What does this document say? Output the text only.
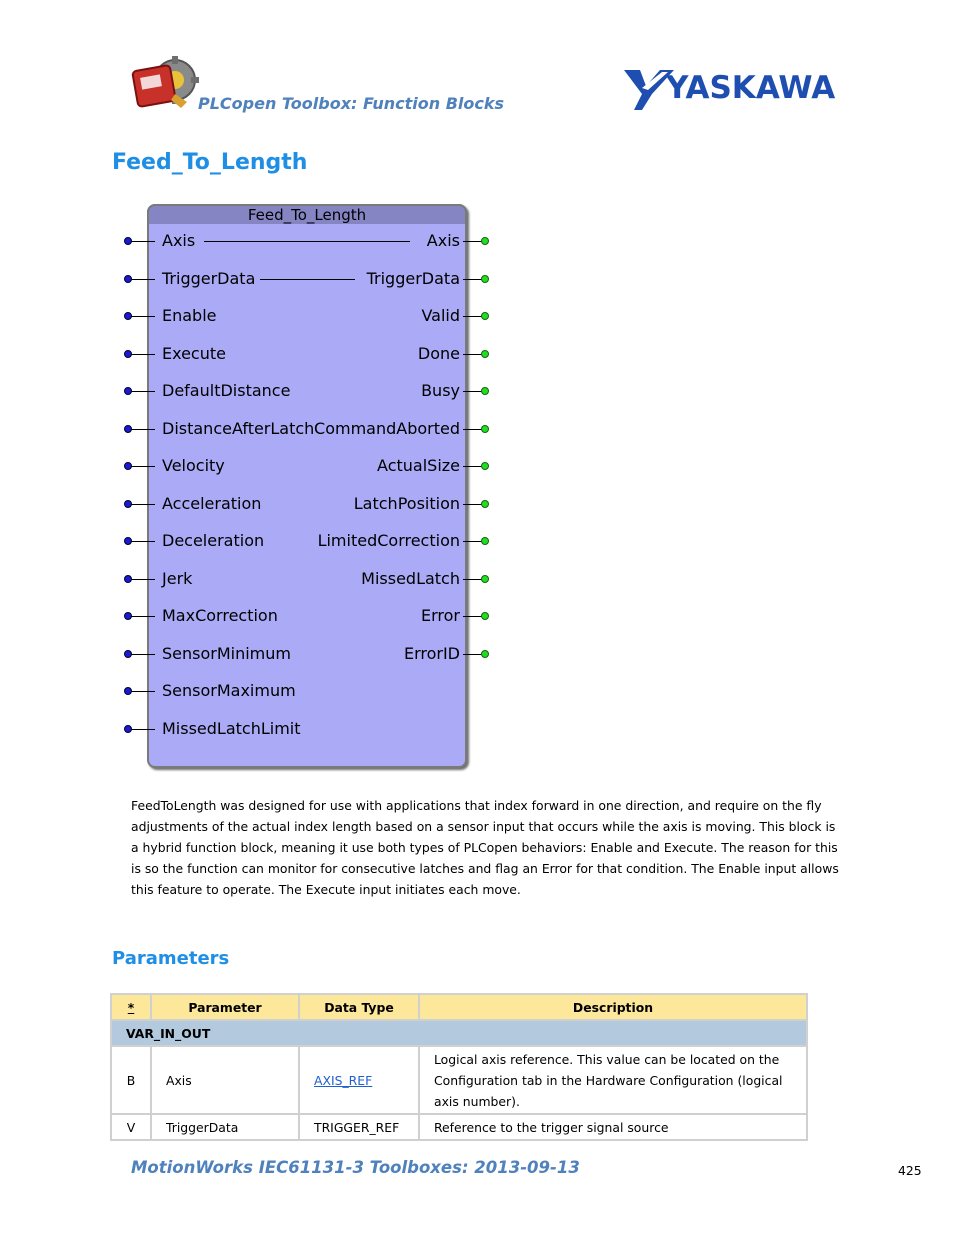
PLCopen Toolbox: Function Blocks	YASKAWA
Feed_To_Length
Feed_To_Length
Axis
TriggerData
Enable
Execute
DefaultDistance
DistanceAfterLatch
Velocity
Acceleration
Deceleration
Jerk
MaxCorrection
SensorMinimum
SensorMaximum
MissedLatchLimit
Axis
TriggerData
Valid
Done
Busy
CommandAborted
ActualSize
LatchPosition
LimitedCorrection
MissedLatch
Error
ErrorID
FeedToLength was designed for use with applications that index forward in one direction, and require on the fly adjustments of the actual index length based on a sensor input that occurs while the axis is moving. This block is a hybrid function block, meaning it use both types of PLCopen behaviors: Enable and Execute. The reason for this is so the function can monitor for consecutive latches and flag an Error for that condition. The Enable input allows this feature to operate. The Execute input initiates each move.
Parameters
*	Parameter	Data Type	Description
VAR_IN_OUT			
B	Axis	AXIS_REF	Logical axis reference. This value can be located on the Configuration tab in the Hardware Configuration (logical axis number).
V	TriggerData	TRIGGER_REF	Reference to the trigger signal source
MotionWorks IEC61131-3 Toolboxes: 2013-09-13	425
